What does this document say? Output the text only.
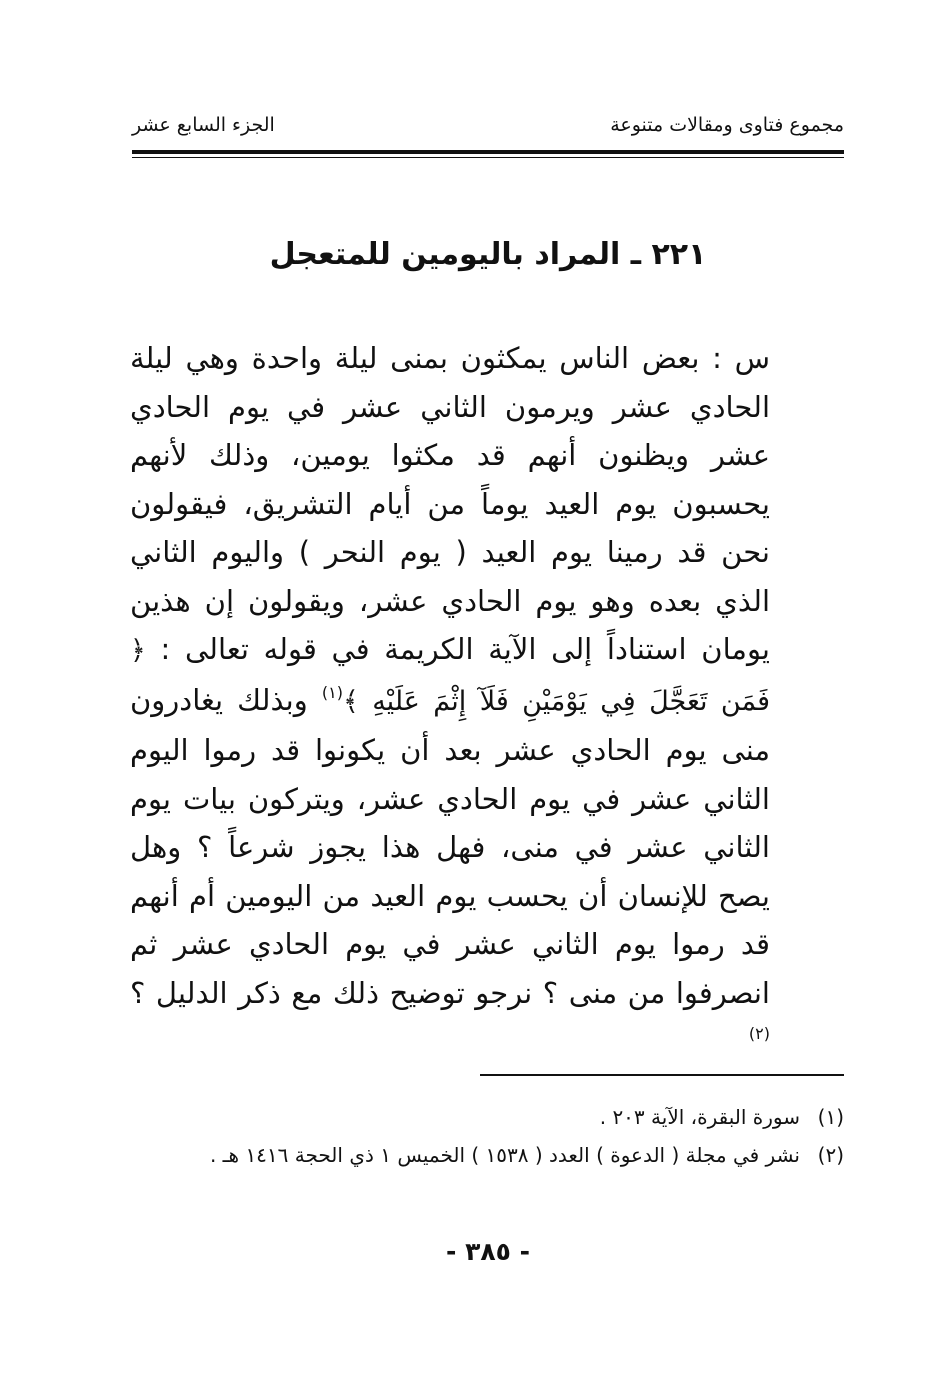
مجموع فتاوى ومقالات متنوعة
الجزء السابع عشر
٢٢١ ـ المراد باليومين للمتعجل
س : بعض الناس يمكثون بمنى ليلة واحدة وهي ليلة الحادي عشر ويرمون الثاني عشر في يوم الحادي عشر ويظنون أنهم قد مكثوا يومين، وذلك لأنهم يحسبون يوم العيد يوماً من أيام التشريق، فيقولون نحن قد رمينا يوم العيد ( يوم النحر ) واليوم الثاني الذي بعده وهو يوم الحادي عشر، ويقولون إن هذين يومان استناداً إلى الآية الكريمة في قوله تعالى : ﴿ فَمَن تَعَجَّلَ فِي يَوْمَيْنِ فَلَآ إِثْمَ عَلَيْهِ ﴾$^{(١)}$ وبذلك يغادرون منى يوم الحادي عشر بعد أن يكونوا قد رموا اليوم الثاني عشر في يوم الحادي عشر، ويتركون بيات يوم الثاني عشر في منى، فهل هذا يجوز شرعاً ؟ وهل يصح للإنسان أن يحسب يوم العيد من اليومين أم أنهم قد رموا يوم الثاني عشر في يوم الحادي عشر ثم انصرفوا من منى ؟ نرجو توضيح ذلك مع ذكر الدليل ؟$^{(٢)}$
(١)
سورة البقرة، الآية ٢٠٣ .
(٢)
نشر في مجلة ( الدعوة ) العدد ( ١٥٣٨ ) الخميس ١ ذي الحجة ١٤١٦ هـ .
- ٣٨٥ -
